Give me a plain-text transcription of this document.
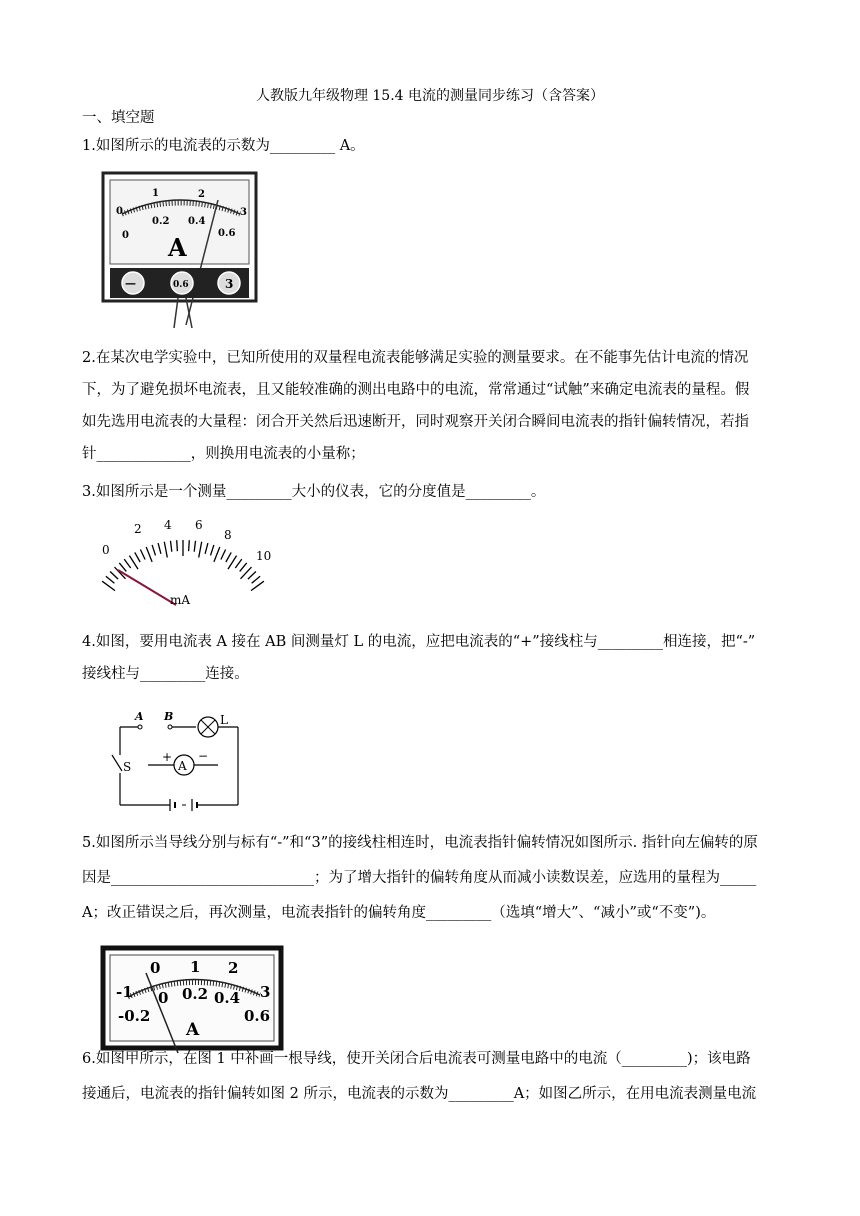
人教版九年级物理 15.4 电流的测量同步练习（含答案）
一、填空题
1.如图所示的电流表的示数为_________ A。
0
1	2
3
0
0.2 0.4
0.6
A
—	0.6	3
2.在某次电学实验中，已知所使用的双量程电流表能够满足实验的测量要求。在不能事先估计电流的情况
下，为了避免损坏电流表，且又能较准确的测出电路中的电流，常常通过“试触”来确定电流表的量程。假
如先选用电流表的大量程：闭合开关然后迅速断开，同时观察开关闭合瞬间电流表的指针偏转情况，若指
针_____________，则换用电流表的小量称；
3.如图所示是一个测量_________大小的仪表，它的分度值是_________。
0
2 4 6
8
10
mA
4.如图，要用电流表 A 接在 AB 间测量灯 L 的电流，应把电流表的“+”接线柱与_________相连接，把“-”
接线柱与_________连接。
A B	L
S	A
+ −
5.如图所示当导线分别与标有“-”和“3”的接线柱相连时，电流表指针偏转情况如图所示. 指针向左偏转的原
因是____________________________；为了增大指针的偏转角度从而减小读数误差，应选用的量程为_____
A；改正错误之后，再次测量，电流表指针的偏转角度_________（选填“增大”、“减小”或“不变”)。
-1
0 1 2
3
-0.2
0 0.2 0.4
0.6
A
6.如图甲所示，在图 1 中补画一根导线，使开关闭合后电流表可测量电路中的电流（_________)；该电路
接通后，电流表的指针偏转如图 2 所示，电流表的示数为_________A；如图乙所示，在用电流表测量电流
